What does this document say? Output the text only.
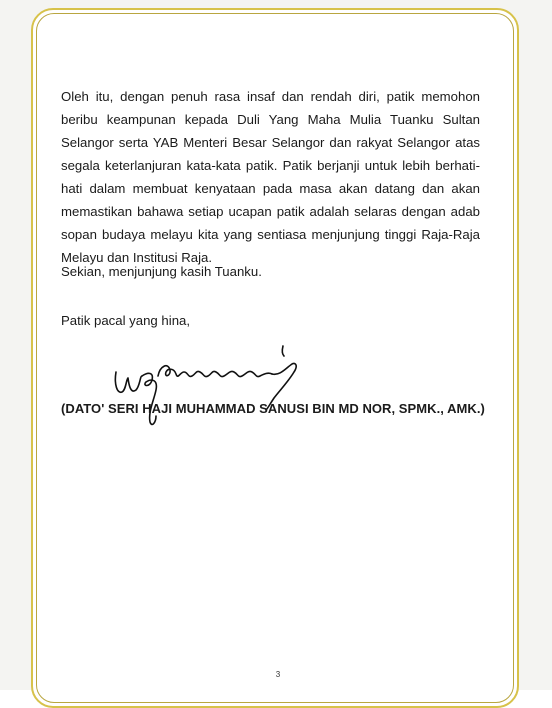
Oleh itu, dengan penuh rasa insaf dan rendah diri, patik memohon beribu keampunan kepada Duli Yang Maha Mulia Tuanku Sultan Selangor serta YAB Menteri Besar Selangor dan rakyat Selangor atas segala keterlanjuran kata-kata patik. Patik berjanji untuk lebih berhati-hati dalam membuat kenyataan pada masa akan datang dan akan memastikan bahawa setiap ucapan patik adalah selaras dengan adab sopan budaya melayu kita yang sentiasa menjunjung tinggi Raja-Raja Melayu dan Institusi Raja.

Sekian, menjunjung kasih Tuanku.

Patik pacal yang hina,

(DATO' SERI HAJI MUHAMMAD SANUSI BIN MD NOR, SPMK., AMK.)

3
